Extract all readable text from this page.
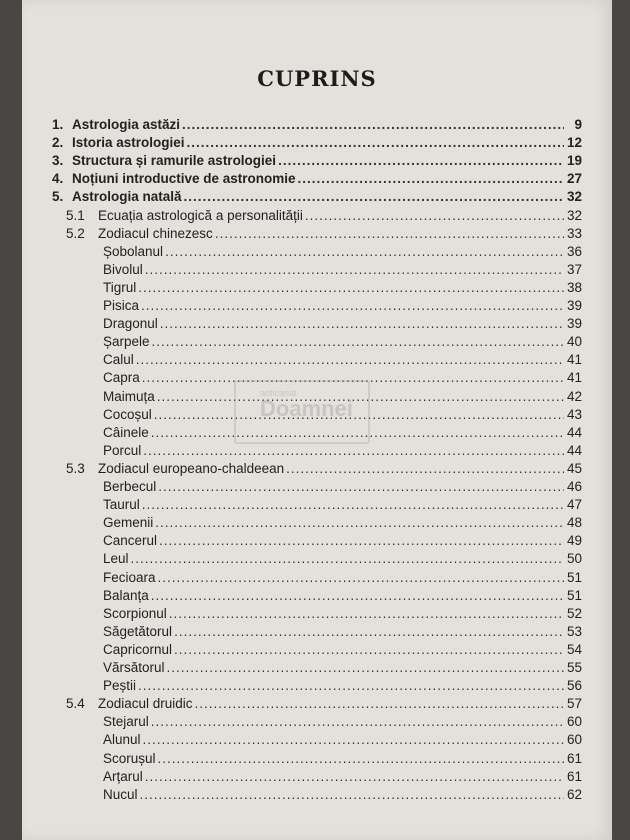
CUPRINS
1. Astrologia astăzi .....	9
2. Istoria astrologiei .....	12
3. Structura și ramurile astrologiei .....	19
4. Noțiuni introductive de astronomie .....	27
5. Astrologia natală .....	32
5.1 Ecuația astrologică a personalității .....	32
5.2 Zodiacul chinezesc .....	33
Șobolanul .....	36
Bivolul .....	37
Tigrul .....	38
Pisica .....	39
Dragonul .....	39
Șarpele .....	40
Calul .....	41
Capra .....	41
Maimuța .....	42
Cocoșul .....	43
Câinele .....	44
Porcul .....	44
5.3 Zodiacul europeano-chaldeean .....	45
Berbecul .....	46
Taurul .....	47
Gemenii .....	48
Cancerul .....	49
Leul .....	50
Fecioara .....	51
Balanța .....	51
Scorpionul .....	52
Săgetătorul .....	53
Capricornul .....	54
Vărsătorul .....	55
Peștii .....	56
5.4 Zodiacul druidic .....	57
Stejarul .....	60
Alunul .....	60
Scorușul .....	61
Arțarul .....	61
Nucul .....	62
anticariat
Doamnei
